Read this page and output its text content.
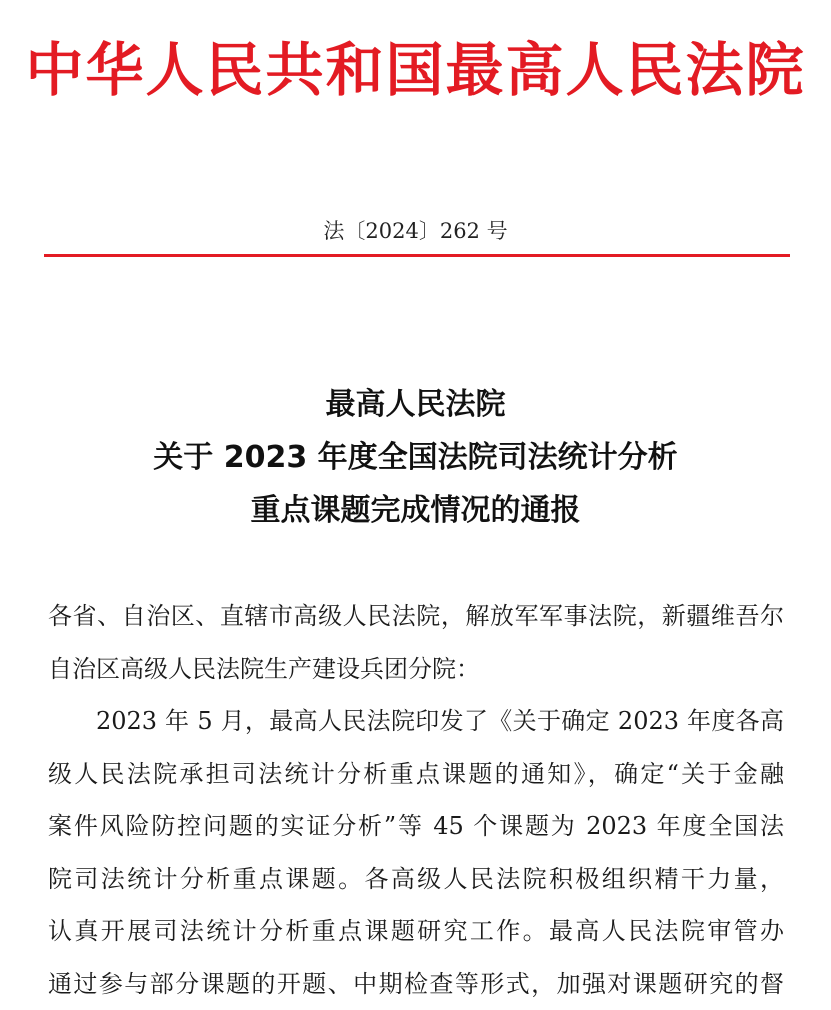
中华人民共和国最高人民法院
法〔2024〕262 号
最高人民法院
关于 2023 年度全国法院司法统计分析
重点课题完成情况的通报
各省、自治区、直辖市高级人民法院，解放军军事法院，新疆维吾尔
自治区高级人民法院生产建设兵团分院：
2023 年 5 月，最高人民法院印发了《关于确定 2023 年度各高
级人民法院承担司法统计分析重点课题的通知》，确定“关于金融
案件风险防控问题的实证分析”等 45 个课题为 2023 年度全国法
院司法统计分析重点课题。各高级人民法院积极组织精干力量，
认真开展司法统计分析重点课题研究工作。最高人民法院审管办
通过参与部分课题的开题、中期检查等形式，加强对课题研究的督
